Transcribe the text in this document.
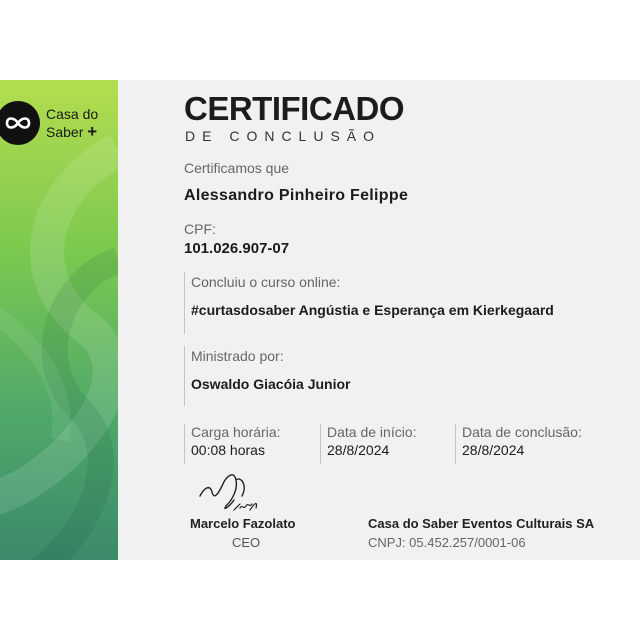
Casa do
Saber +
CERTIFICADO
DE CONCLUSÃO
Certificamos que
Alessandro Pinheiro Felippe
CPF:
101.026.907-07
Concluiu o curso online:
#curtasdosaber Angústia e Esperança em Kierkegaard
Ministrado por:
Oswaldo Giacóia Junior
Carga horária:
00:08 horas
Data de início:
28/8/2024
Data de conclusão:
28/8/2024
Marcelo Fazolato
CEO
Casa do Saber Eventos Culturais SA
CNPJ: 05.452.257/0001-06
